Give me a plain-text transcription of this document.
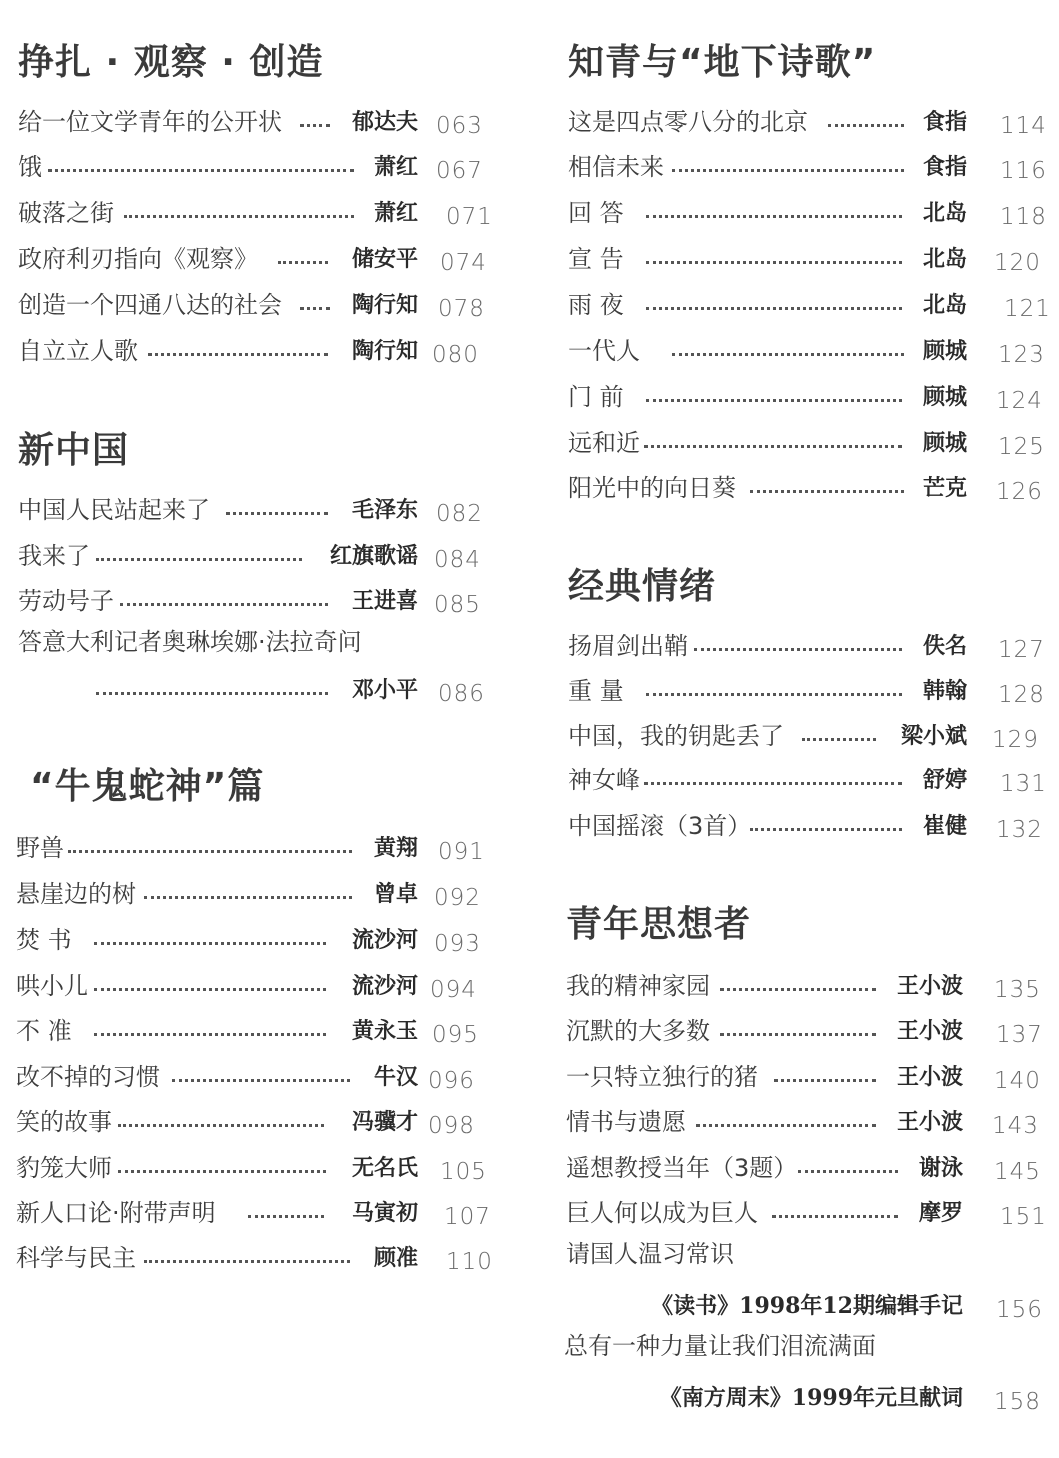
挣扎 · 观察 · 创造
给一位文学青年的公开状	郁达夫 063
饿	萧红 067
破落之街	萧红 071
政府利刃指向《观察》	储安平 074
创造一个四通八达的社会	陶行知 078
自立立人歌	陶行知 080
新中国
中国人民站起来了	毛泽东 082
我来了	红旗歌谣 084
劳动号子	王进喜 085
答意大利记者奥琳埃娜·法拉奇问
邓小平 086
“牛鬼蛇神”篇
野兽	黄翔 091
悬崖边的树	曾卓 092
焚 书	流沙河 093
哄小儿	流沙河 094
不 准	黄永玉 095
改不掉的习惯	牛汉 096
笑的故事	冯骥才 098
豹笼大师	无名氏 105
新人口论·附带声明	马寅初 107
科学与民主	顾准 110
知青与“地下诗歌”
这是四点零八分的北京	食指 114
相信未来	食指 116
回 答	北岛 118
宣 告	北岛 120
雨 夜	北岛 121
一代人	顾城 123
门 前	顾城 124
远和近	顾城 125
阳光中的向日葵	芒克 126
经典情绪
扬眉剑出鞘	佚名 127
重 量	韩翰 128
中国，我的钥匙丢了	梁小斌 129
神女峰	舒婷 131
中国摇滚（3首）	崔健 132
青年思想者
我的精神家园	王小波 135
沉默的大多数	王小波 137
一只特立独行的猪	王小波 140
情书与遗愿	王小波 143
遥想教授当年（3题）	谢泳 145
巨人何以成为巨人	摩罗 151
请国人温习常识
《读书》1998年12期编辑手记 156
总有一种力量让我们泪流满面
《南方周末》1999年元旦献词 158
